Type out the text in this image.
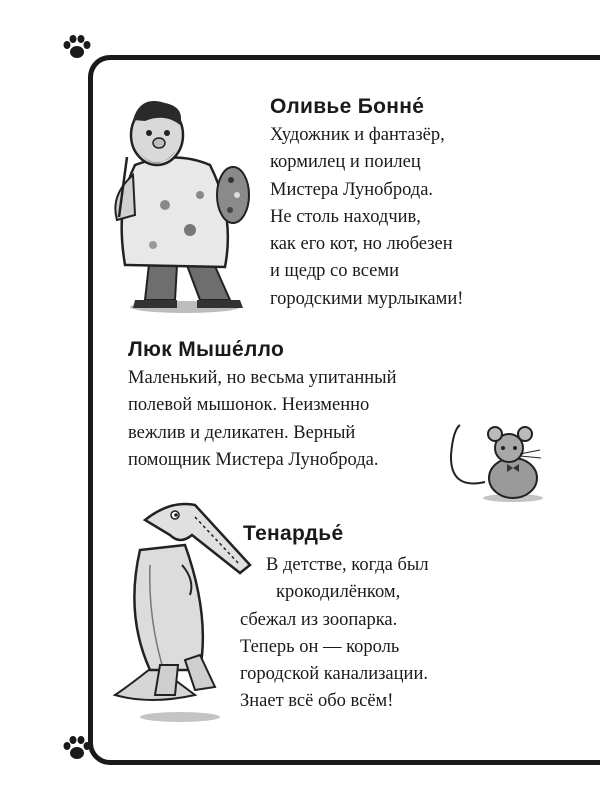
Оливье Бонне́
Художник и фантазёр,
кормилец и поилец
Мистера Луноброда.
Не столь находчив,
как его кот, но любезен
и щедр со всеми
городскими мурлыками!
Люк Мыше́лло
Маленький, но весьма упитанный
полевой мышонок. Неизменно
вежлив и деликатен. Верный
помощник Мистера Луноброда.
Тенардье́
В детстве, когда был
крокодилёнком,
сбежал из зоопарка.
Теперь он — король
городской канализации.
Знает всё обо всём!
